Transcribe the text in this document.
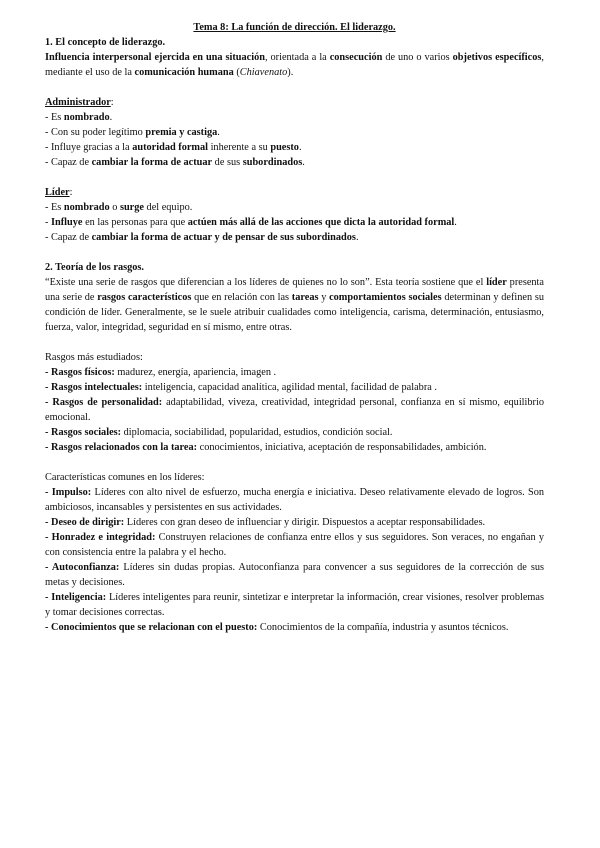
Tema 8: La función de dirección. El liderazgo.

1. El concepto de liderazgo.

Influencia interpersonal ejercida en una situación, orientada a la consecución de uno o varios objetivos específicos, mediante el uso de la comunicación humana (Chiavenato).

Administrador:

- Es nombrado.

- Con su poder legítimo premia y castiga.

- Influye gracias a la autoridad formal inherente a su puesto.

- Capaz de cambiar la forma de actuar de sus subordinados.

Líder:

- Es nombrado o surge del equipo.

- Influye en las personas para que actúen más allá de las acciones que dicta la autoridad formal.

- Capaz de cambiar la forma de actuar y de pensar de sus subordinados.

2. Teoría de los rasgos.

“Existe una serie de rasgos que diferencian a los líderes de quienes no lo son”. Esta teoría sostiene que el líder presenta una serie de rasgos característicos que en relación con las tareas y comportamientos sociales determinan y definen su condición de líder. Generalmente, se le suele atribuir cualidades como inteligencia, carisma, determinación, entusiasmo, fuerza, valor, integridad, seguridad en sí mismo, entre otras.

Rasgos más estudiados:

- Rasgos físicos: madurez, energía, apariencia, imagen .

- Rasgos intelectuales: inteligencia, capacidad analítica, agilidad mental, facilidad de palabra .

- Rasgos de personalidad: adaptabilidad, viveza, creatividad, integridad personal, confianza en sí mismo, equilibrio emocional.

- Rasgos sociales: diplomacia, sociabilidad, popularidad, estudios, condición social.

- Rasgos relacionados con la tarea: conocimientos, iniciativa, aceptación de responsabilidades, ambición.

Características comunes en los líderes:

- Impulso: Líderes con alto nivel de esfuerzo, mucha energía e iniciativa. Deseo relativamente elevado de logros. Son ambiciosos, incansables y persistentes en sus actividades.

- Deseo de dirigir: Líderes con gran deseo de influenciar y dirigir. Dispuestos a aceptar responsabilidades.

- Honradez e integridad: Construyen relaciones de confianza entre ellos y sus seguidores. Son veraces, no engañan y con consistencia entre la palabra y el hecho.

- Autoconfianza: Líderes sin dudas propias. Autoconfianza para convencer a sus seguidores de la corrección de sus metas y decisiones.

- Inteligencia: Líderes inteligentes para reunir, sintetizar e interpretar la información, crear visiones, resolver problemas y tomar decisiones correctas.

- Conocimientos que se relacionan con el puesto: Conocimientos de la compañía, industria y asuntos técnicos.
